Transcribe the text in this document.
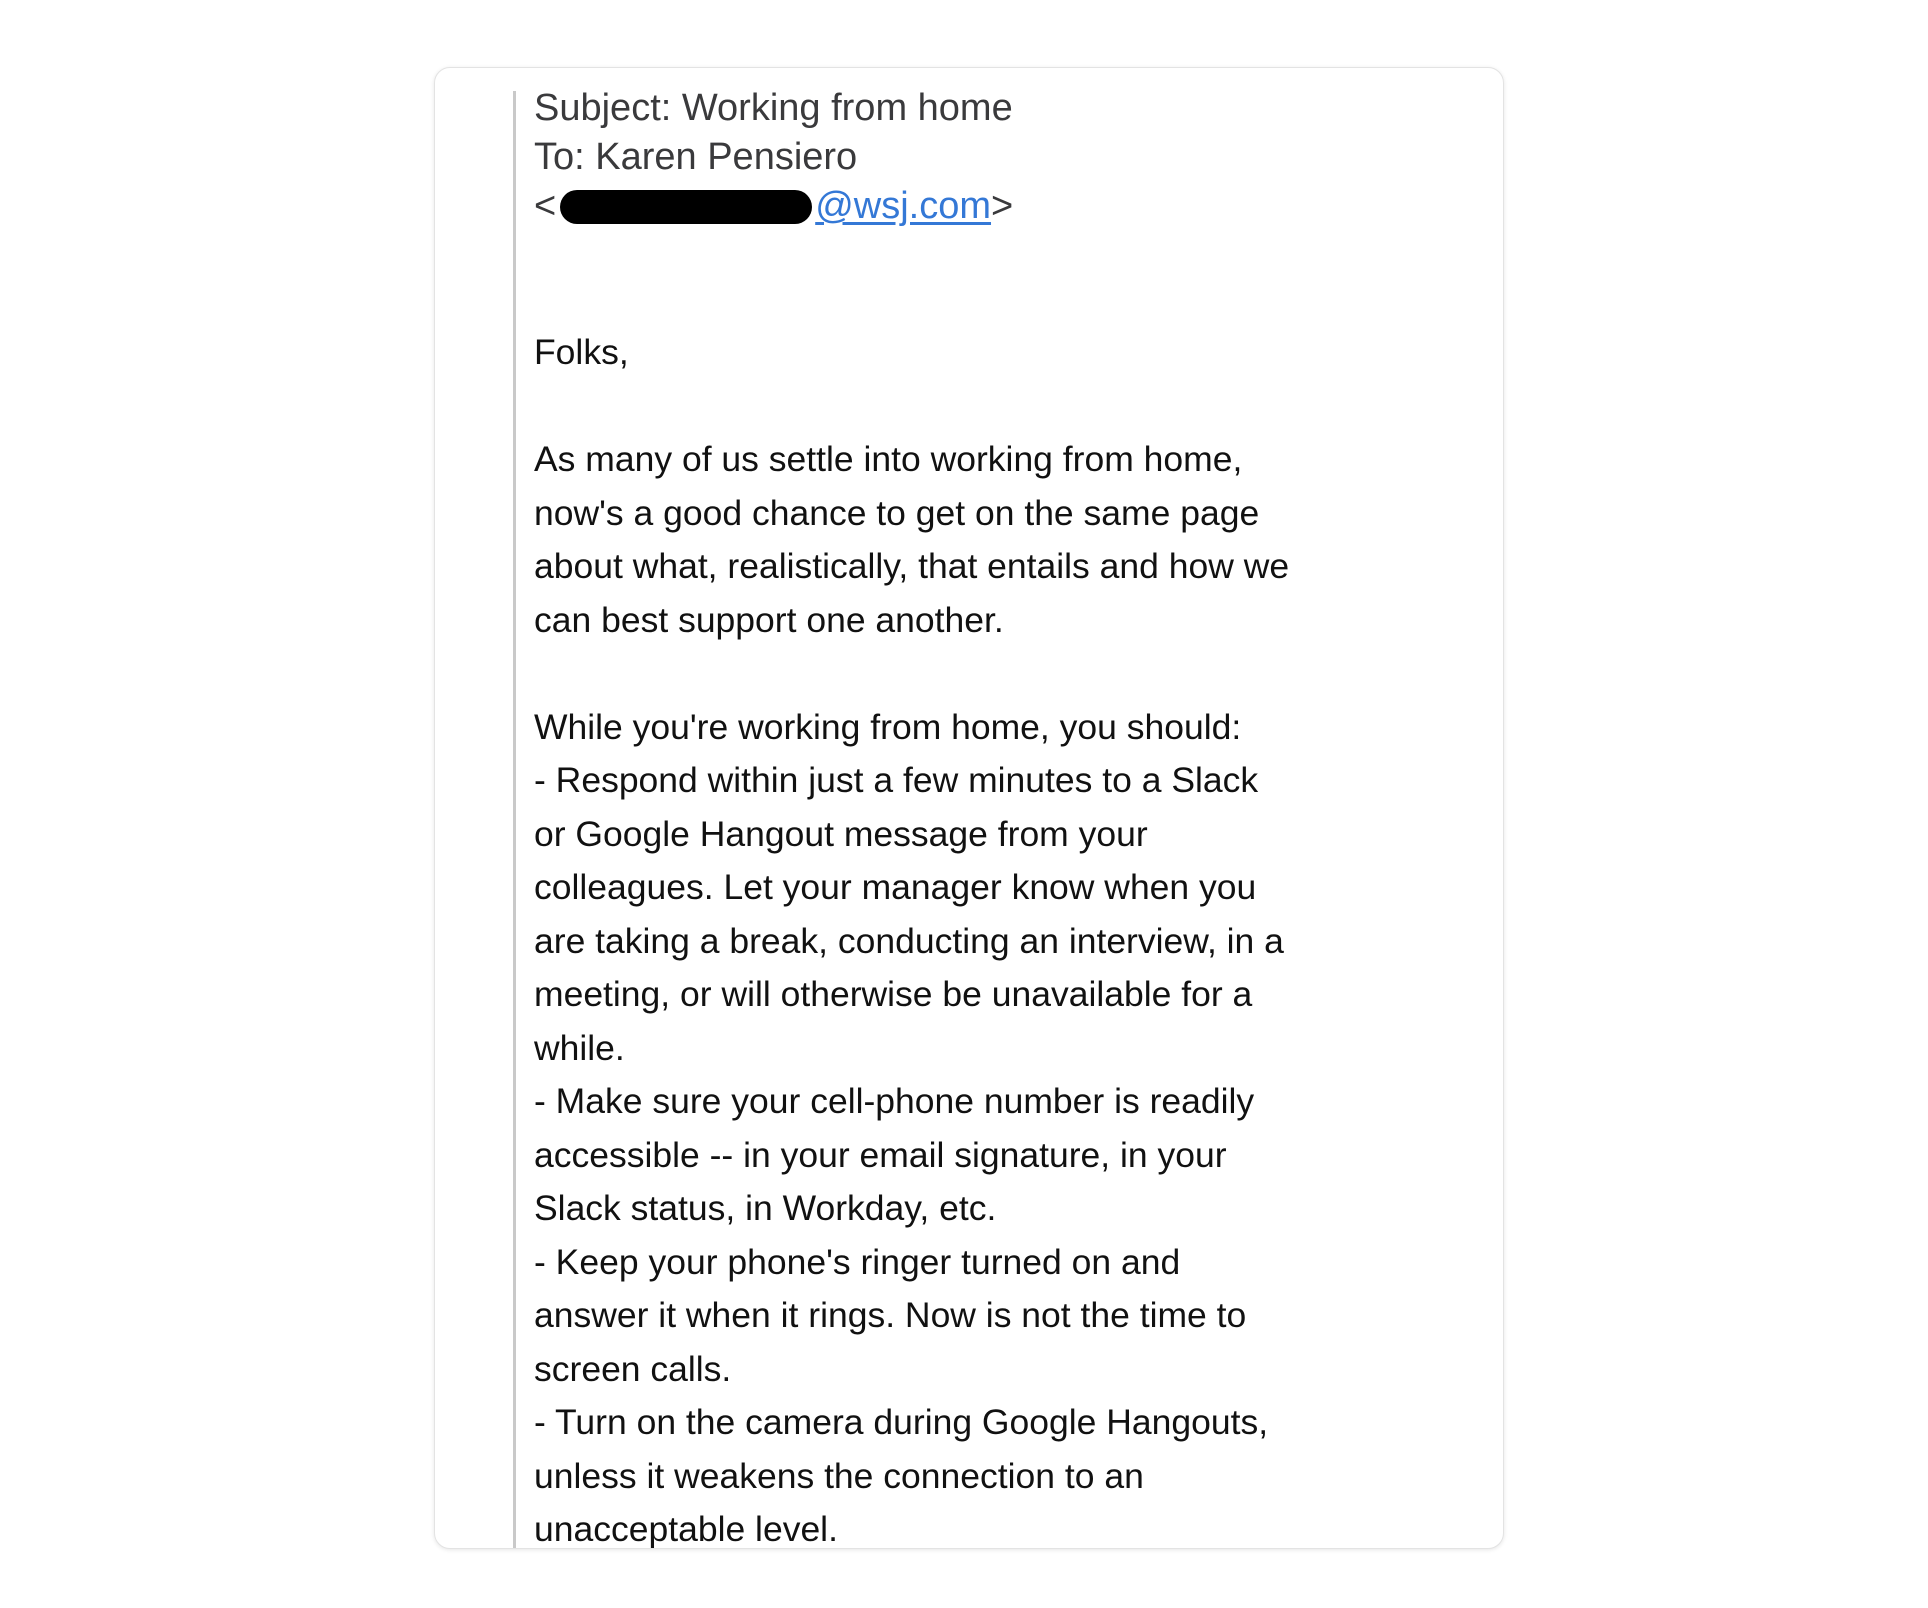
Subject: Working from home
To: Karen Pensiero
<	@wsj.com>

Folks,

As many of us settle into working from home,
now's a good chance to get on the same page
about what, realistically, that entails and how we
can best support one another.

While you're working from home, you should:

- Respond within just a few minutes to a Slack
or Google Hangout message from your
colleagues. Let your manager know when you
are taking a break, conducting an interview, in a
meeting, or will otherwise be unavailable for a
while.

- Make sure your cell-phone number is readily
accessible -- in your email signature, in your
Slack status, in Workday, etc.

- Keep your phone's ringer turned on and
answer it when it rings. Now is not the time to
screen calls.

- Turn on the camera during Google Hangouts,
unless it weakens the connection to an
unacceptable level.
